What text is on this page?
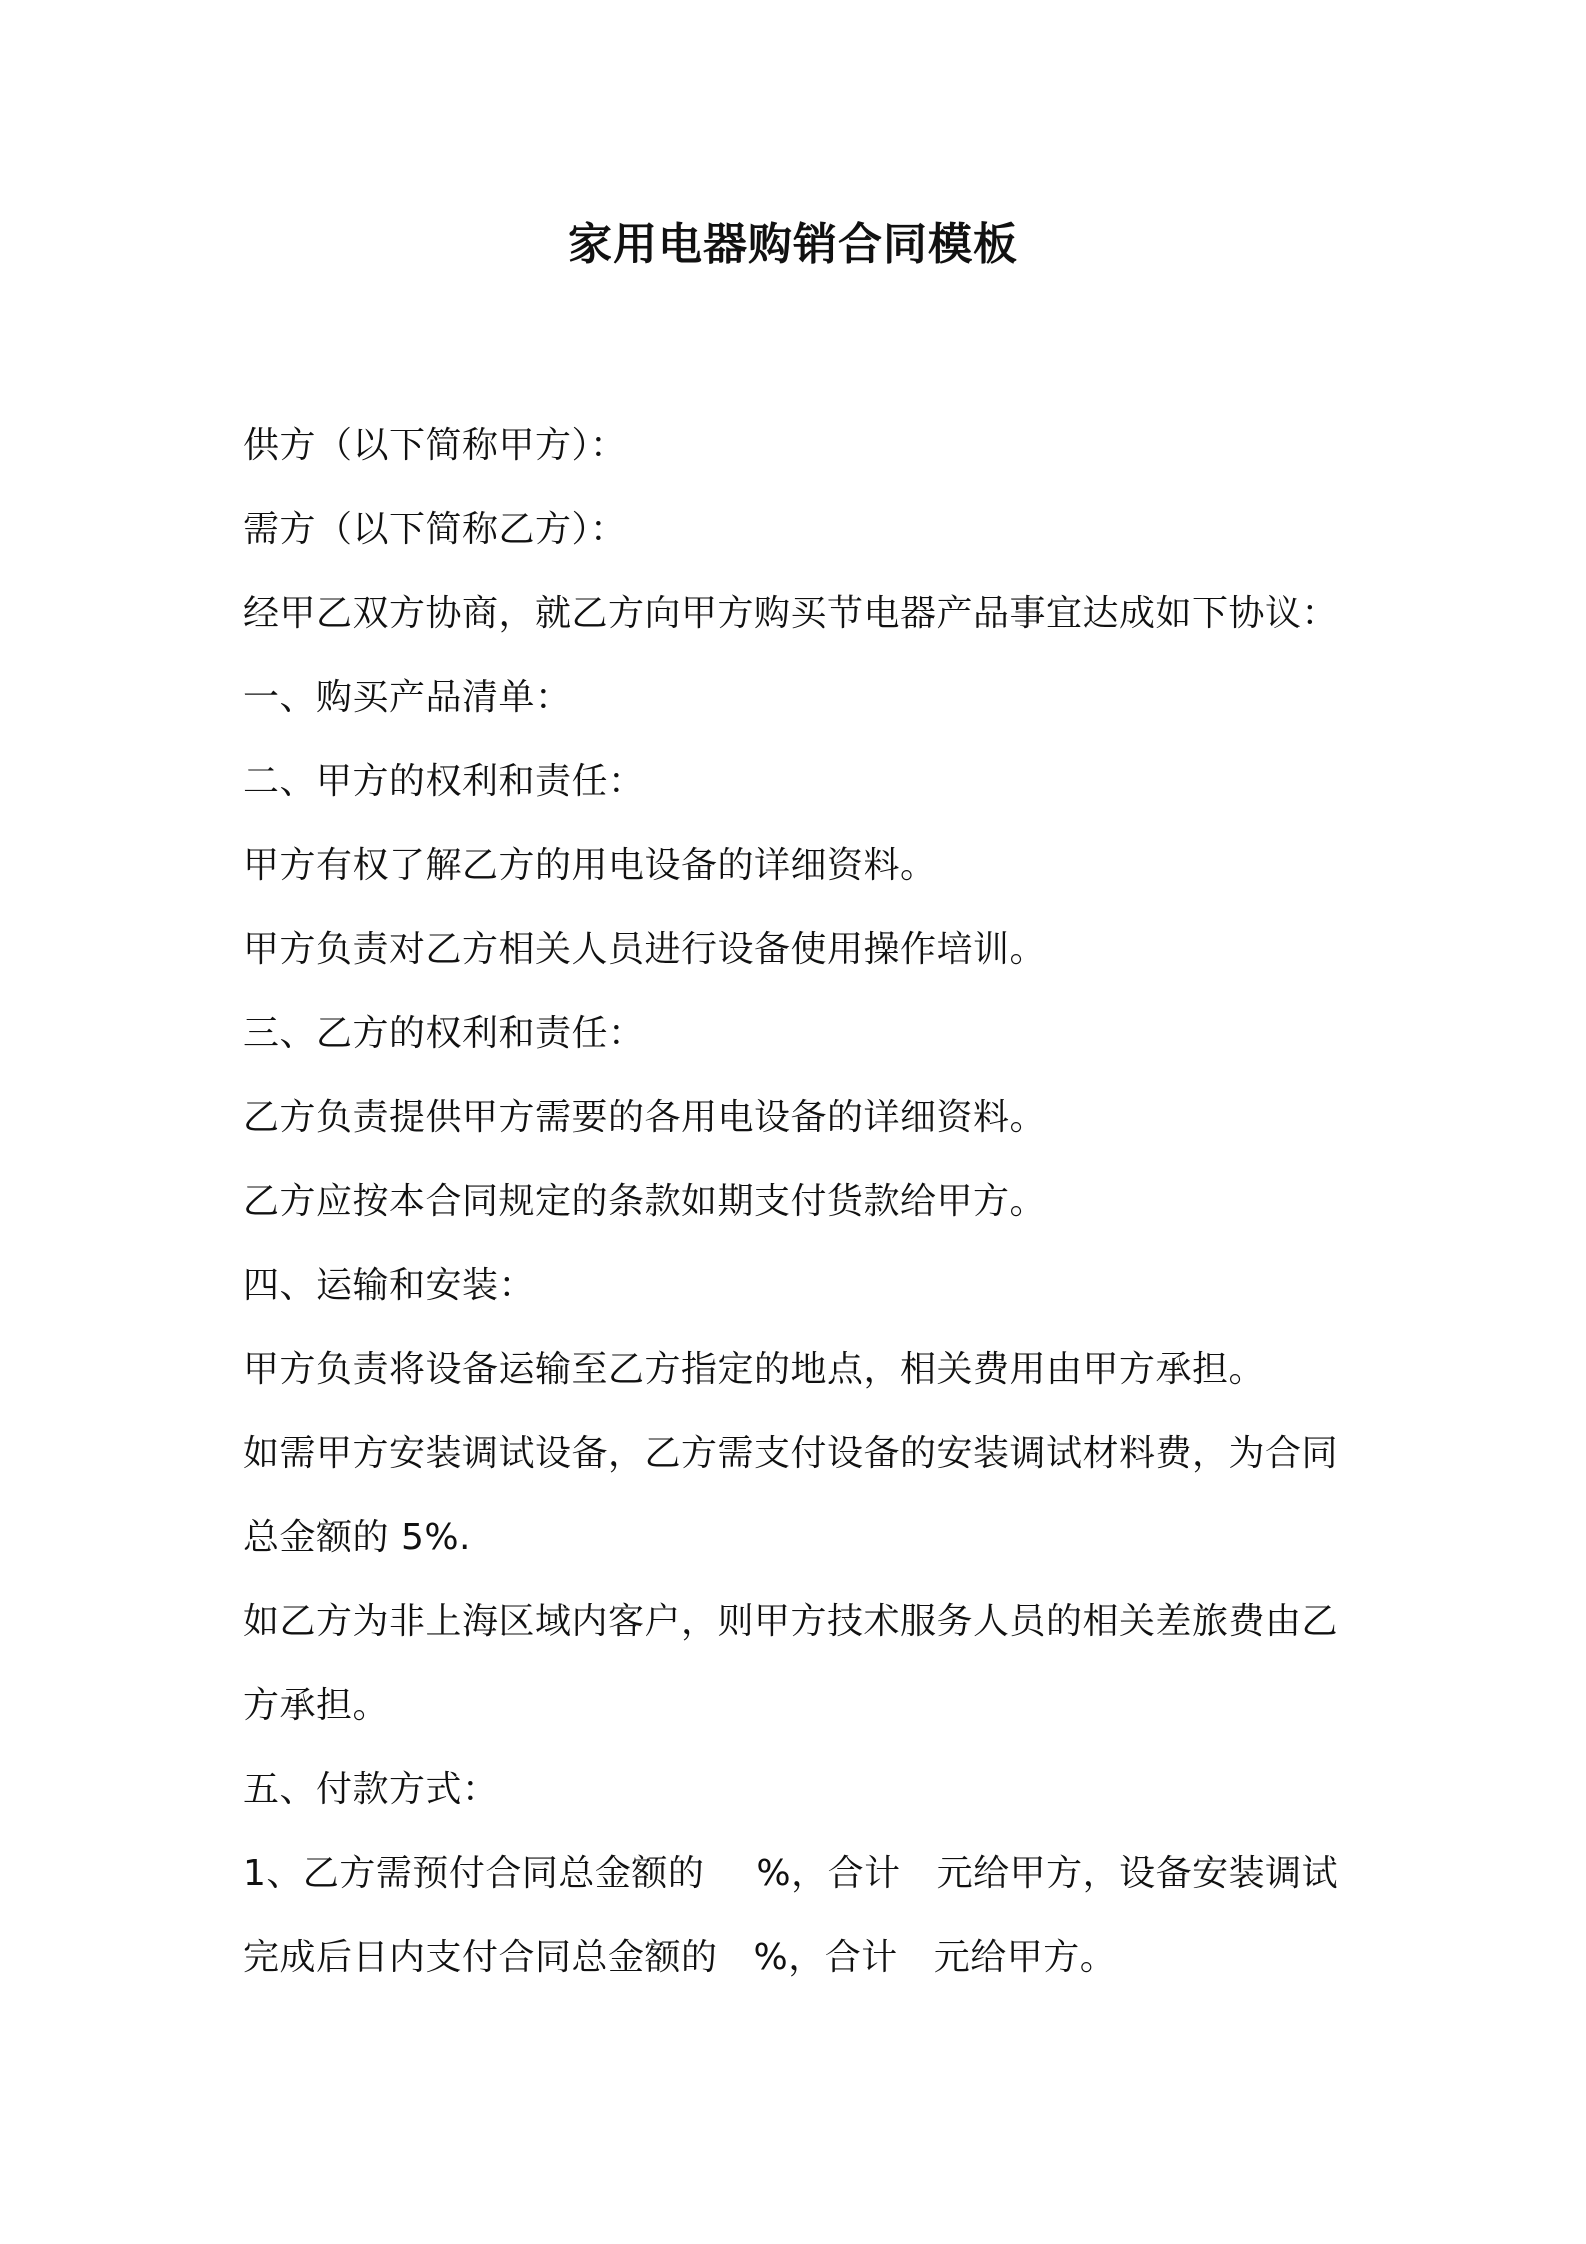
家用电器购销合同模板
供方（以下简称甲方）：
需方（以下简称乙方）：
经甲乙双方协商，就乙方向甲方购买节电器产品事宜达成如下协议：
一、购买产品清单：
二、甲方的权利和责任：
甲方有权了解乙方的用电设备的详细资料。
甲方负责对乙方相关人员进行设备使用操作培训。
三、乙方的权利和责任：
乙方负责提供甲方需要的各用电设备的详细资料。
乙方应按本合同规定的条款如期支付货款给甲方。
四、运输和安装：
甲方负责将设备运输至乙方指定的地点，相关费用由甲方承担。
如需甲方安装调试设备，乙方需支付设备的安装调试材料费，为合同
总金额的 5%.
如乙方为非上海区域内客户，则甲方技术服务人员的相关差旅费由乙
方承担。
五、付款方式：
1、乙方需预付合同总金额的 %，合计 元给甲方，设备安装调试
完成后日内支付合同总金额的 %，合计 元给甲方。
